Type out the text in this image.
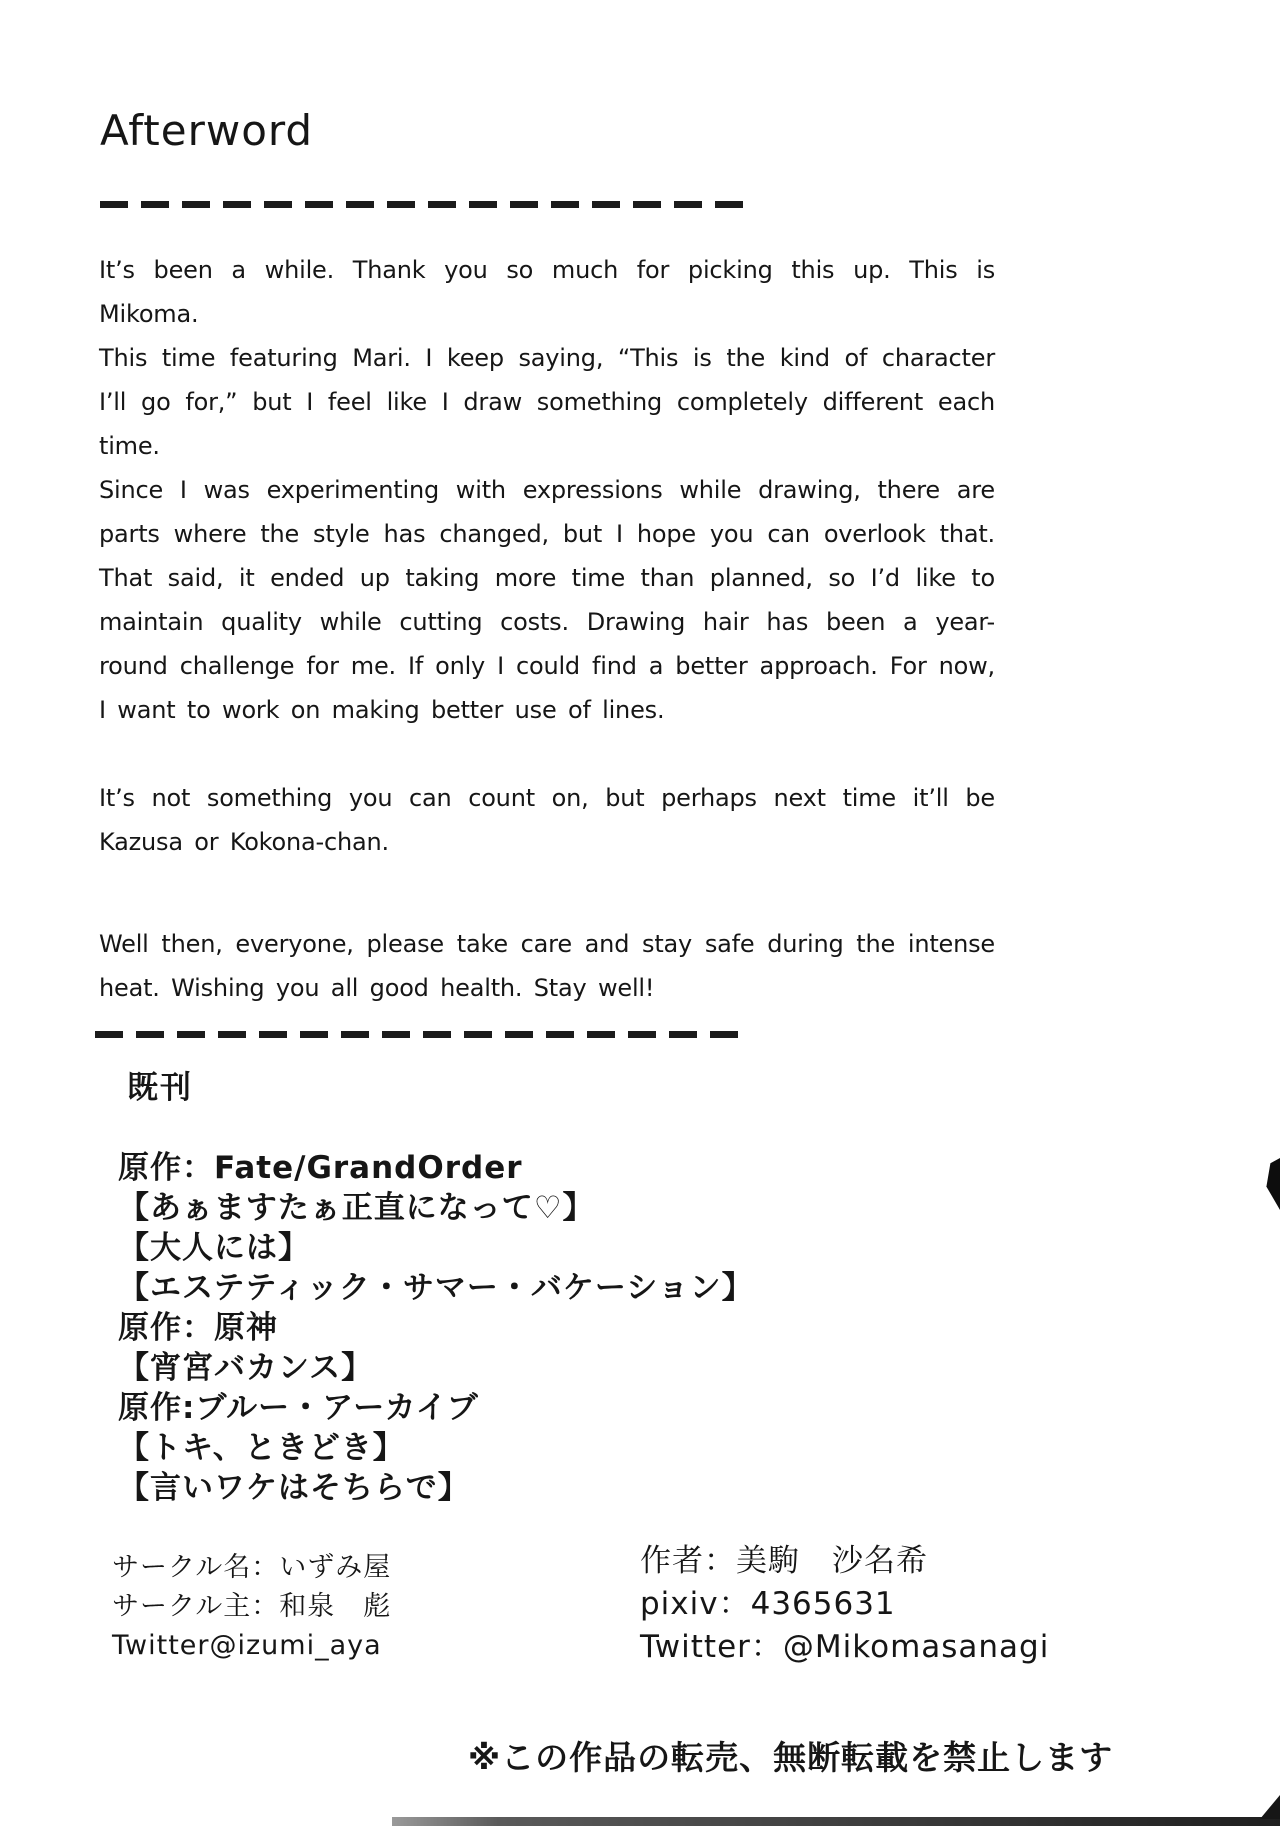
Afterword

It’s been a while. Thank you so much for picking this up. This is Mikoma.

This time featuring Mari. I keep saying, “This is the kind of character I’ll go for,” but I feel like I draw something completely different each time.

Since I was experimenting with expressions while drawing, there are parts where the style has changed, but I hope you can overlook that. That said, it ended up taking more time than planned, so I’d like to maintain quality while cutting costs. Drawing hair has been a year-round challenge for me. If only I could find a better approach. For now, I want to work on making better use of lines.

It’s not something you can count on, but perhaps next time it’ll be Kazusa or Kokona-chan.

Well then, everyone, please take care and stay safe during the intense heat. Wishing you all good health. Stay well!

既刊
原作：Fate/GrandOrder
【あぁますたぁ正直になって♡】
【大人には】
【エステティック・サマー・バケーション】
原作：原神
【宵宮バカンス】
原作:ブルー・アーカイブ
【トキ、ときどき】
【言いワケはそちらで】
サークル名：いずみ屋
サークル主：和泉　彪
Twitter@izumi_aya
作者：美駒　沙名希
pixiv：4365631
Twitter：@Mikomasanagi
※この作品の転売、無断転載を禁止します
